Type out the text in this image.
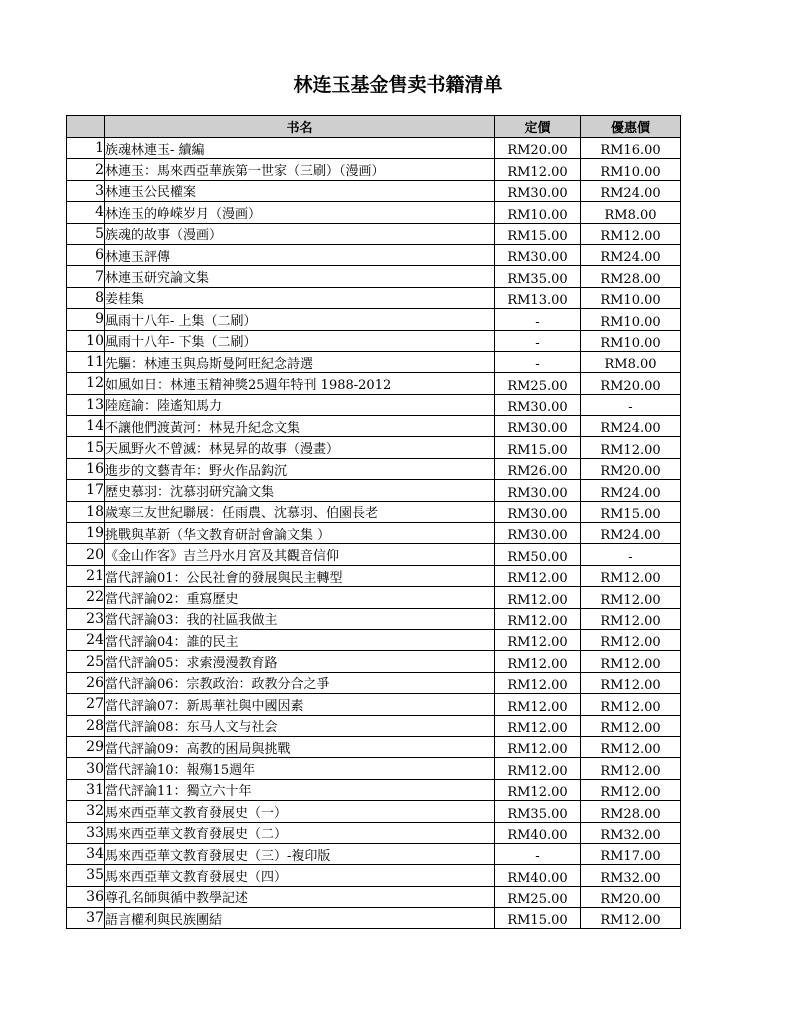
林连玉基金售卖书籍清单
	书名	定價	優惠價
1	族魂林連玉- 續編	RM20.00	RM16.00
2	林連玉：馬來西亞華族第一世家（三刷）（漫画）	RM12.00	RM10.00
3	林連玉公民權案	RM30.00	RM24.00
4	林连玉的峥嵘岁月（漫画）	RM10.00	RM8.00
5	族魂的故事（漫画）	RM15.00	RM12.00
6	林連玉評傳	RM30.00	RM24.00
7	林連玉研究論文集	RM35.00	RM28.00
8	姜桂集	RM13.00	RM10.00
9	風雨十八年- 上集（二刷）	-	RM10.00
10	風雨十八年- 下集（二刷）	-	RM10.00
11	先驅：林連玉與烏斯曼阿旺紀念詩選	-	RM8.00
12	如風如日：林連玉精神獎25週年特刊 1988-2012	RM25.00	RM20.00
13	陸庭諭：陸遙知馬力	RM30.00	-
14	不讓他們渡黃河：林晃升紀念文集	RM30.00	RM24.00
15	天風野火不曾滅：林晃昇的故事（漫畫）	RM15.00	RM12.00
16	進步的文藝青年：野火作品鈎沉	RM26.00	RM20.00
17	歷史慕羽：沈慕羽研究論文集	RM30.00	RM24.00
18	歲寒三友世紀聯展：任雨農、沈慕羽、伯園長老	RM30.00	RM15.00
19	挑戰與革新（华文教育研討會論文集 ）	RM30.00	RM24.00
20	《金山作客》吉兰丹水月宮及其觀音信仰	RM50.00	-
21	當代評論01：公民社會的發展與民主轉型	RM12.00	RM12.00
22	當代評論02：重寫歷史	RM12.00	RM12.00
23	當代評論03：我的社區我做主	RM12.00	RM12.00
24	當代評論04：誰的民主	RM12.00	RM12.00
25	當代評論05：求索漫漫教育路	RM12.00	RM12.00
26	當代評論06：宗教政治：政教分合之爭	RM12.00	RM12.00
27	當代評論07：新馬華社與中國因素	RM12.00	RM12.00
28	當代評論08：东马人文与社会	RM12.00	RM12.00
29	當代評論09：高教的困局與挑戰	RM12.00	RM12.00
30	當代評論10：報殤15週年	RM12.00	RM12.00
31	當代評論11：獨立六十年	RM12.00	RM12.00
32	馬來西亞華文教育發展史（一）	RM35.00	RM28.00
33	馬來西亞華文教育發展史（二）	RM40.00	RM32.00
34	馬來西亞華文教育發展史（三）-複印版	-	RM17.00
35	馬來西亞華文教育發展史（四）	RM40.00	RM32.00
36	尊孔名師與循中教學記述	RM25.00	RM20.00
37	語言權利與民族團結	RM15.00	RM12.00
